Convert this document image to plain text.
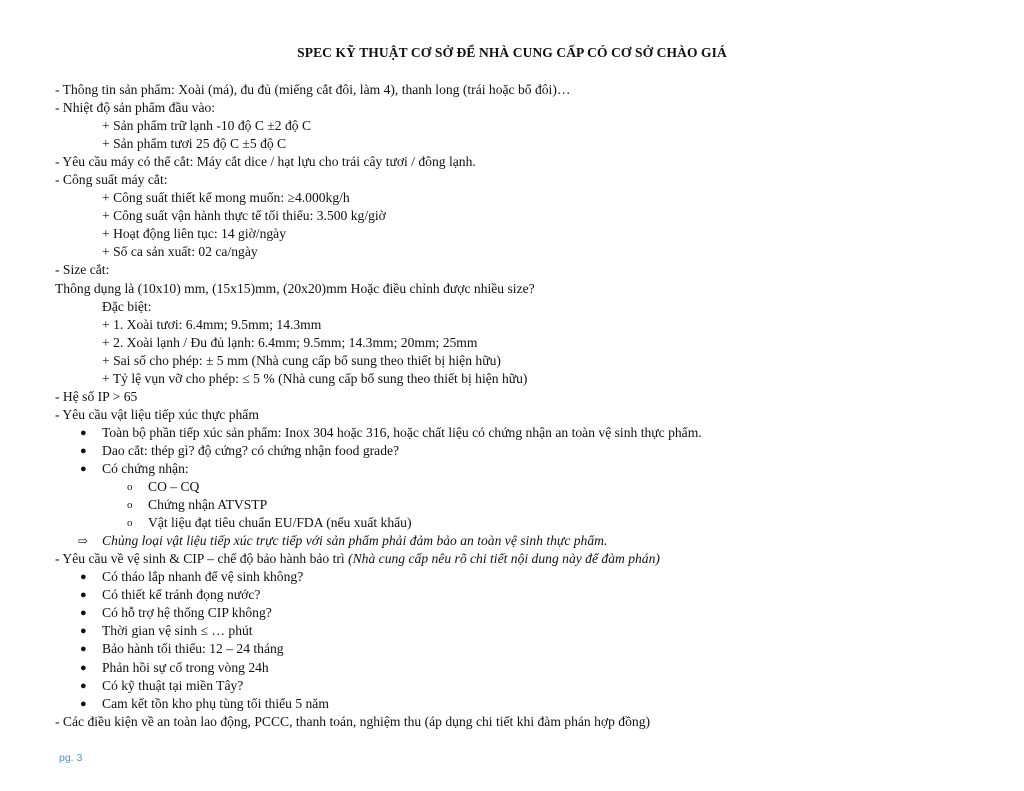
SPEC KỸ THUẬT CƠ SỞ ĐỂ NHÀ CUNG CẤP CÓ CƠ SỞ CHÀO GIÁ
- Thông tin sản phẩm: Xoài (má), đu đủ (miếng cắt đôi, làm 4), thanh long (trái hoặc bổ đôi)…
- Nhiệt độ sản phẩm đầu vào:
+ Sản phẩm trữ lạnh -10 độ C ±2 độ C
+ Sản phẩm tươi 25 độ C ±5 độ C
- Yêu cầu máy có thể cắt: Máy cắt dice / hạt lựu cho trái cây tươi / đông lạnh.
- Công suất máy cắt:
+ Công suất thiết kế mong muốn: ≥4.000kg/h
+ Công suất vận hành thực tế tối thiểu: 3.500 kg/giờ
+ Hoạt động liên tục: 14 giờ/ngày
+ Số ca sản xuất: 02 ca/ngày
- Size cắt:
Thông dụng là (10x10) mm, (15x15)mm, (20x20)mm Hoặc điều chỉnh được nhiều size?
Đặc biệt:
+ 1. Xoài tươi: 6.4mm; 9.5mm; 14.3mm
+ 2. Xoài lạnh / Đu đủ lạnh: 6.4mm; 9.5mm; 14.3mm; 20mm; 25mm
+ Sai số cho phép: ± 5 mm (Nhà cung cấp bổ sung theo thiết bị hiện hữu)
+ Tỷ lệ vụn vỡ cho phép: ≤ 5 % (Nhà cung cấp bổ sung theo thiết bị hiện hữu)
- Hệ số IP > 65
- Yêu cầu vật liệu tiếp xúc thực phẩm
● Toàn bộ phần tiếp xúc sản phẩm: Inox 304 hoặc 316, hoặc chất liệu có chứng nhận an toàn vệ sinh thực phẩm.
● Dao cắt: thép gì? độ cứng? có chứng nhận food grade?
● Có chứng nhận:
o CO – CQ
o Chứng nhận ATVSTP
o Vật liệu đạt tiêu chuẩn EU/FDA (nếu xuất khẩu)
⇨ Chủng loại vật liệu tiếp xúc trực tiếp với sản phẩm phải đảm bảo an toàn vệ sinh thực phẩm.
- Yêu cầu về vệ sinh & CIP – chế độ bảo hành bảo trì (Nhà cung cấp nêu rõ chi tiết nội dung này để đàm phán)
● Có tháo lắp nhanh để vệ sinh không?
● Có thiết kế tránh đọng nước?
● Có hỗ trợ hệ thống CIP không?
● Thời gian vệ sinh ≤ … phút
● Bảo hành tối thiểu: 12 – 24 tháng
● Phản hồi sự cố trong vòng 24h
● Có kỹ thuật tại miền Tây?
● Cam kết tồn kho phụ tùng tối thiểu 5 năm
- Các điều kiện về an toàn lao động, PCCC, thanh toán, nghiệm thu (áp dụng chi tiết khi đàm phán hợp đồng)
pg. 3
